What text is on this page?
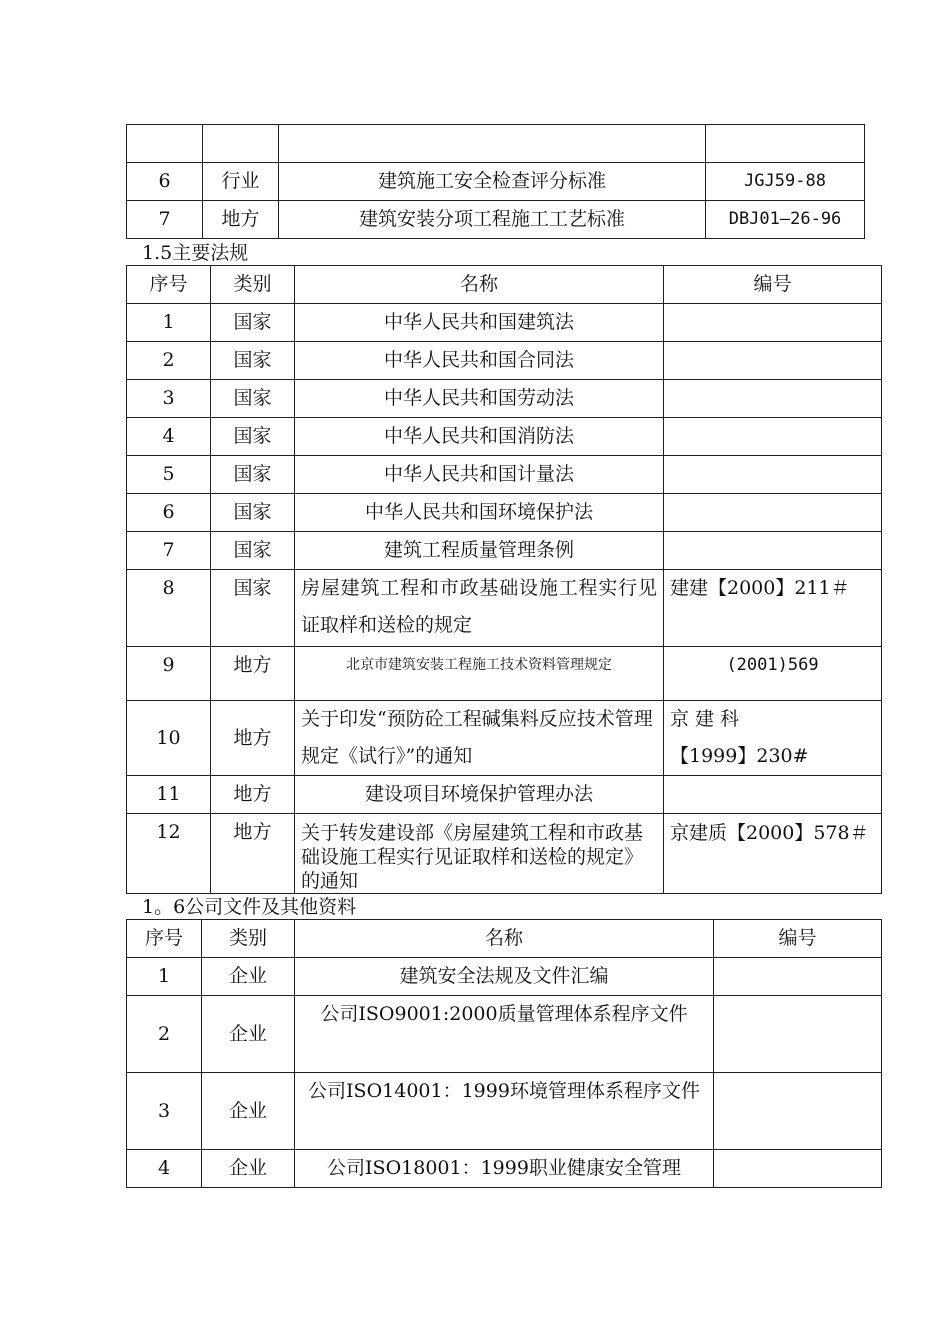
6	行业	建筑施工安全检查评分标准	JGJ59-88
7	地方	建筑安装分项工程施工工艺标准	DBJ01—26-96
1.5主要法规
序号	类别	名称	编号
1	国家	中华人民共和国建筑法	
2	国家	中华人民共和国合同法	
3	国家	中华人民共和国劳动法	
4	国家	中华人民共和国消防法	
5	国家	中华人民共和国计量法	
6	国家	中华人民共和国环境保护法	
7	国家	建筑工程质量管理条例	
8	国家	房屋建筑工程和市政基础设施工程实行见证取样和送检的规定	建建【2000】211＃
9	地方	北京市建筑安装工程施工技术资料管理规定	(2001)569
10	地方	关于印发“预防砼工程碱集料反应技术管理规定《试行》”的通知	京 建 科
【1999】230#

11	地方	建设项目环境保护管理办法	
12	地方	关于转发建设部《房屋建筑工程和市政基础设施工程实行见证取样和送检的规定》的通知	京建质【2000】578＃
1。6公司文件及其他资料
序号	类别	名称	编号
1	企业	建筑安全法规及文件汇编	
2	企业	公司ISO9001:2000质量管理体系程序文件	
3	企业	公司ISO14001：1999环境管理体系程序文件	
4	企业	公司ISO18001：1999职业健康安全管理	
